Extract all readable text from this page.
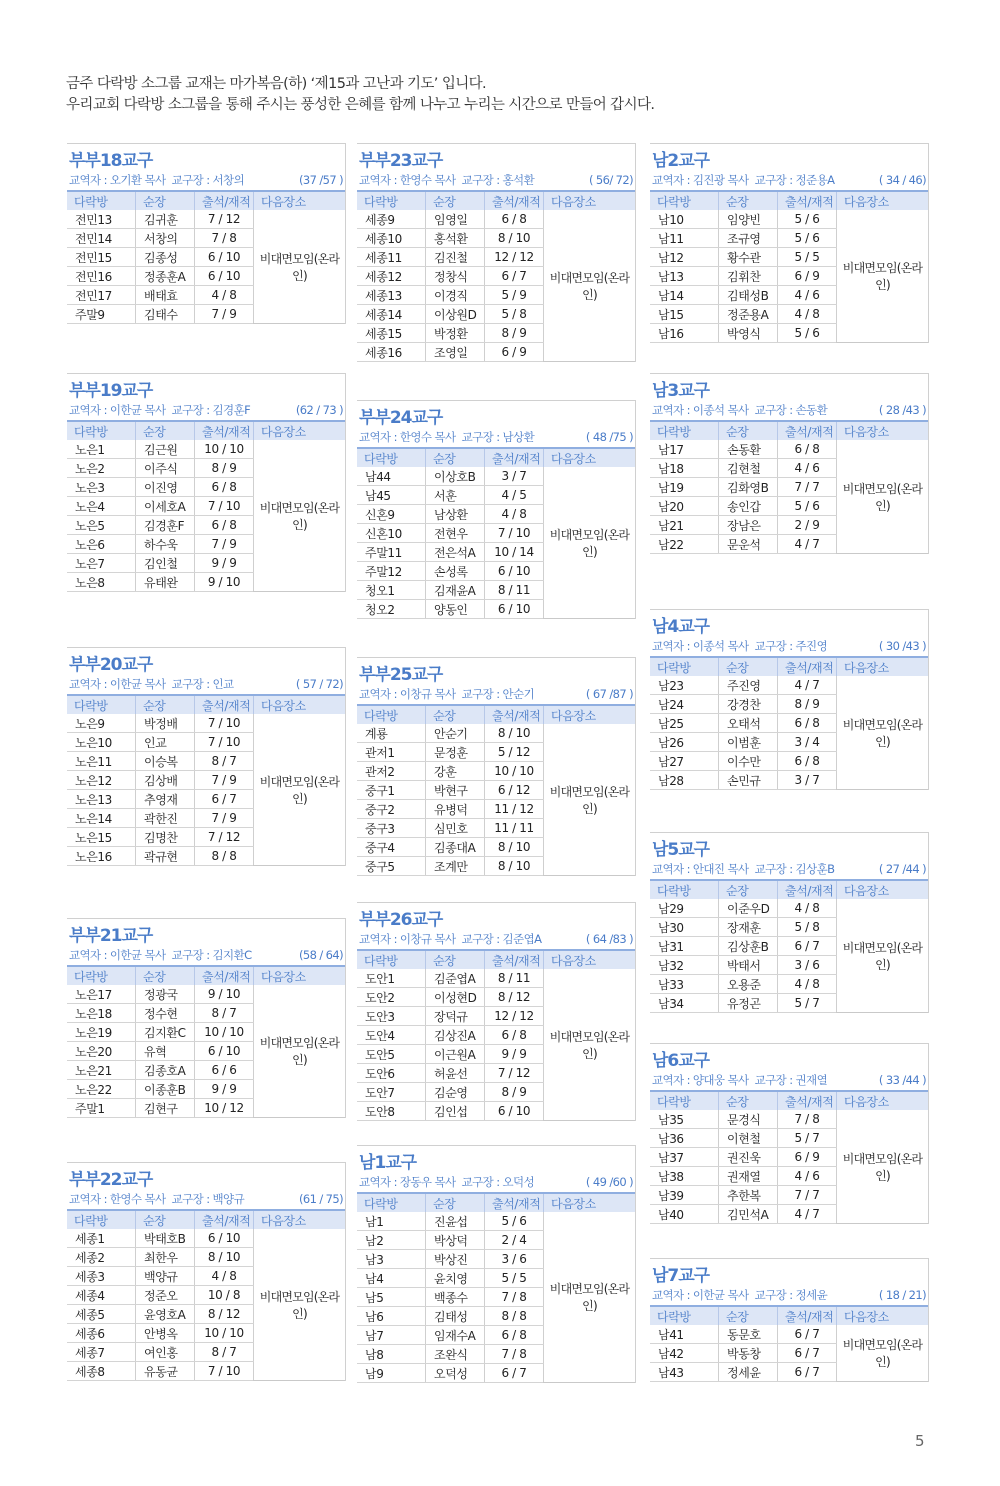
금주 다락방 소그룹 교재는 마가복음(하) ‘제15과 고난과 기도’ 입니다.
우리교회 다락방 소그룹을 통해 주시는 풍성한 은혜를 함께 나누고 누리는 시간으로 만들어 갑시다.
부부18교구
교역자 : 오기환 목사 교구장 : 서창의	(37 /57 )
다락방	순장	출석/재적	다음장소
전민13	김귀훈	7 / 12	비대면모임(온라인)
전민14	서창의	7 / 8	
전민15	김종성	6 / 10	
전민16	정종훈A	6 / 10	
전민17	배태효	4 / 8	
주말9	김태수	7 / 9	
부부19교구
교역자 : 이한균 목사 교구장 : 김경훈F	(62 / 73 )
다락방	순장	출석/재적	다음장소
노은1	김근원	10 / 10	비대면모임(온라인)
노은2	이주식	8 / 9	
노은3	이진영	6 / 8	
노은4	이세호A	7 / 10	
노은5	김경훈F	6 / 8	
노은6	하수욱	7 / 9	
노은7	김인철	9 / 9	
노은8	유태완	9 / 10	
부부20교구
교역자 : 이한균 목사 교구장 : 인교	( 57 / 72)
다락방	순장	출석/재적	다음장소
노은9	박정배	7 / 10	비대면모임(온라인)
노은10	인교	7 / 10	
노은11	이승복	8 / 7	
노은12	김상배	7 / 9	
노은13	추영재	6 / 7	
노은14	곽한진	7 / 9	
노은15	김명찬	7 / 12	
노은16	곽규현	8 / 8	
부부21교구
교역자 : 이한균 목사 교구장 : 김지환C	(58 / 64)
다락방	순장	출석/재적	다음장소
노은17	정광국	9 / 10	비대면모임(온라인)
노은18	정수현	8 / 7	
노은19	김지환C	10 / 10	
노은20	유혁	6 / 10	
노은21	김종호A	6 / 6	
노은22	이종훈B	9 / 9	
주말1	김현구	10 / 12	
부부22교구
교역자 : 한영수 목사 교구장 : 백양규	(61 / 75)
다락방	순장	출석/재적	다음장소
세종1	박태호B	6 / 10	비대면모임(온라인)
세종2	최한우	8 / 10	
세종3	백양규	4 / 8	
세종4	정준오	10 / 8	
세종5	윤영호A	8 / 12	
세종6	안병옥	10 / 10	
세종7	여인홍	8 / 7	
세종8	유동균	7 / 10	
부부23교구
교역자 : 한영수 목사 교구장 : 홍석환	( 56/ 72)
다락방	순장	출석/재적	다음장소
세종9	임영일	6 / 8	비대면모임(온라인)
세종10	홍석환	8 / 10	
세종11	김진철	12 / 12	
세종12	정창식	6 / 7	
세종13	이경직	5 / 9	
세종14	이상원D	5 / 8	
세종15	박정환	8 / 9	
세종16	조영일	6 / 9	
부부24교구
교역자 : 한영수 목사 교구장 : 남상환	( 48 /75 )
다락방	순장	출석/재적	다음장소
남44	이상호B	3 / 7	비대면모임(온라인)
남45	서훈	4 / 5	
신혼9	남상환	4 / 8	
신혼10	전현우	7 / 10	
주말11	전은석A	10 / 14	
주말12	손성록	6 / 10	
청오1	김재윤A	8 / 11	
청오2	양동인	6 / 10	
부부25교구
교역자 : 이창규 목사 교구장 : 안순기	( 67 /87 )
다락방	순장	출석/재적	다음장소
계룡	안순기	8 / 10	비대면모임(온라인)
관저1	문정훈	5 / 12	
관저2	강훈	10 / 10	
중구1	박현구	6 / 12	
중구2	유병덕	11 / 12	
중구3	심민호	11 / 11	
중구4	김종대A	8 / 10	
중구5	조계만	8 / 10	
부부26교구
교역자 : 이창규 목사 교구장 : 김준엽A	( 64 /83 )
다락방	순장	출석/재적	다음장소
도안1	김준엽A	8 / 11	비대면모임(온라인)
도안2	이성현D	8 / 12	
도안3	장덕규	12 / 12	
도안4	김상진A	6 / 8	
도안5	이근원A	9 / 9	
도안6	허윤선	7 / 12	
도안7	김순영	8 / 9	
도안8	김인섭	6 / 10	
남1교구
교역자 : 장동우 목사 교구장 : 오덕성	( 49 /60 )
다락방	순장	출석/재적	다음장소
남1	진윤섭	5 / 6	비대면모임(온라인)
남2	박상덕	2 / 4	
남3	박상진	3 / 6	
남4	윤치영	5 / 5	
남5	백종수	7 / 8	
남6	김태성	8 / 8	
남7	임재수A	6 / 8	
남8	조완식	7 / 8	
남9	오덕성	6 / 7	
남2교구
교역자 : 김진광 목사 교구장 : 정준용A	( 34 / 46)
다락방	순장	출석/재적	다음장소
남10	임양빈	5 / 6	비대면모임(온라인)
남11	조규영	5 / 6	
남12	황수관	5 / 5	
남13	김휘찬	6 / 9	
남14	김태성B	4 / 6	
남15	정준용A	4 / 8	
남16	박영식	5 / 6	
남3교구
교역자 : 이종석 목사 교구장 : 손동환	( 28 /43 )
다락방	순장	출석/재적	다음장소
남17	손동환	6 / 8	비대면모임(온라인)
남18	김현철	4 / 6	
남19	김화영B	7 / 7	
남20	송인갑	5 / 6	
남21	장남은	2 / 9	
남22	문운석	4 / 7	
남4교구
교역자 : 이종석 목사 교구장 : 주진영	( 30 /43 )
다락방	순장	출석/재적	다음장소
남23	주진영	4 / 7	비대면모임(온라인)
남24	강경찬	8 / 9	
남25	오태석	6 / 8	
남26	이범훈	3 / 4	
남27	이수만	6 / 8	
남28	손민규	3 / 7	
남5교구
교역자 : 안대진 목사 교구장 : 김상훈B	( 27 /44 )
다락방	순장	출석/재적	다음장소
남29	이준우D	4 / 8	비대면모임(온라인)
남30	장재훈	5 / 8	
남31	김상훈B	6 / 7	
남32	박태서	3 / 6	
남33	오용준	4 / 8	
남34	유정곤	5 / 7	
남6교구
교역자 : 양대웅 목사 교구장 : 권재열	( 33 /44 )
다락방	순장	출석/재적	다음장소
남35	문경식	7 / 8	비대면모임(온라인)
남36	이현철	5 / 7	
남37	권진욱	6 / 9	
남38	권재열	4 / 6	
남39	추한복	7 / 7	
남40	김민석A	4 / 7	
남7교구
교역자 : 이한균 목사 교구장 : 정세윤	( 18 / 21)
다락방	순장	출석/재적	다음장소
남41	동문호	6 / 7	비대면모임(온라인)
남42	박동창	6 / 7	
남43	정세윤	6 / 7	
5
